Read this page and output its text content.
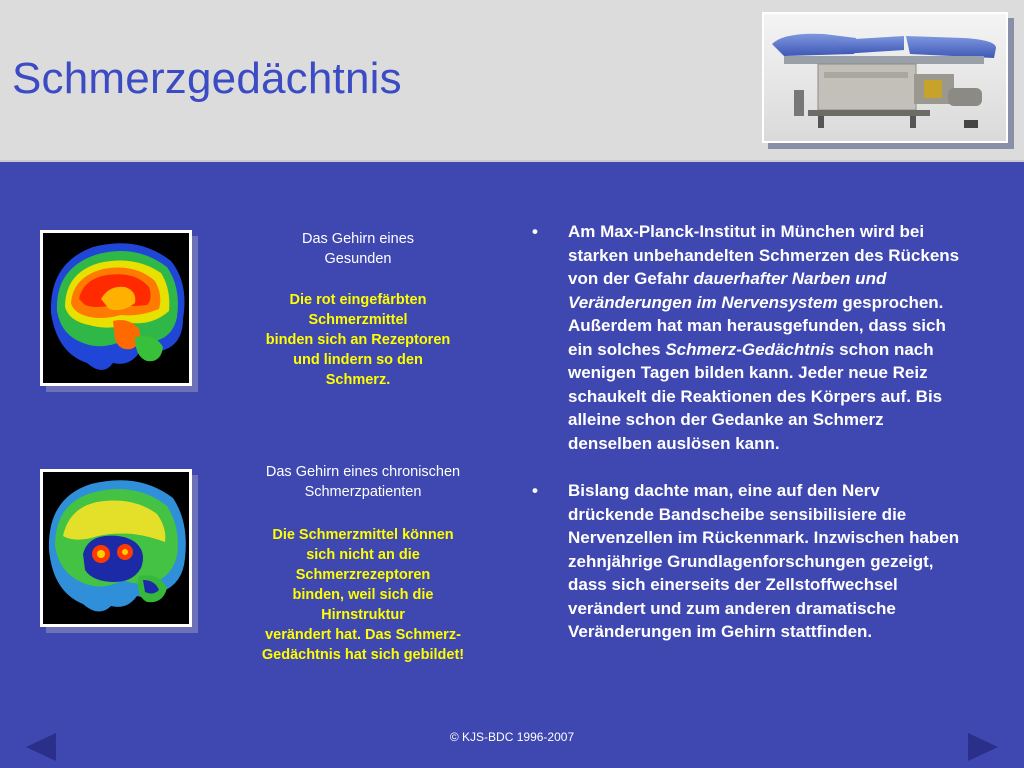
Schmerzgedächtnis
Das Gehirn eines
Gesunden
Die rot eingefärbten
Schmerzmittel
binden sich an Rezeptoren
und lindern so den
Schmerz.
Das Gehirn eines chronischen
Schmerzpatienten
Die Schmerzmittel können
sich nicht an die
Schmerzrezeptoren
binden, weil sich die
Hirnstruktur
verändert hat. Das Schmerz-
Gedächtnis hat sich gebildet!
• Am Max-Planck-Institut in München wird bei starken unbehandelten Schmerzen des Rückens von der Gefahr dauerhafter Narben und Veränderungen im Nervensystem gesprochen. Außerdem hat man herausgefunden, dass sich ein solches Schmerz-Gedächtnis schon nach wenigen Tagen bilden kann. Jeder neue Reiz schaukelt die Reaktionen des Körpers auf. Bis alleine schon der Gedanke an Schmerz denselben auslösen kann.
• Bislang dachte man, eine auf den Nerv drückende Bandscheibe sensibilisiere die Nervenzellen im Rückenmark. Inzwischen haben zehnjährige Grundlagenforschungen gezeigt, dass sich einerseits der Zellstoffwechsel verändert und zum anderen dramatische Veränderungen im Gehirn stattfinden.
© KJS-BDC 1996-2007
